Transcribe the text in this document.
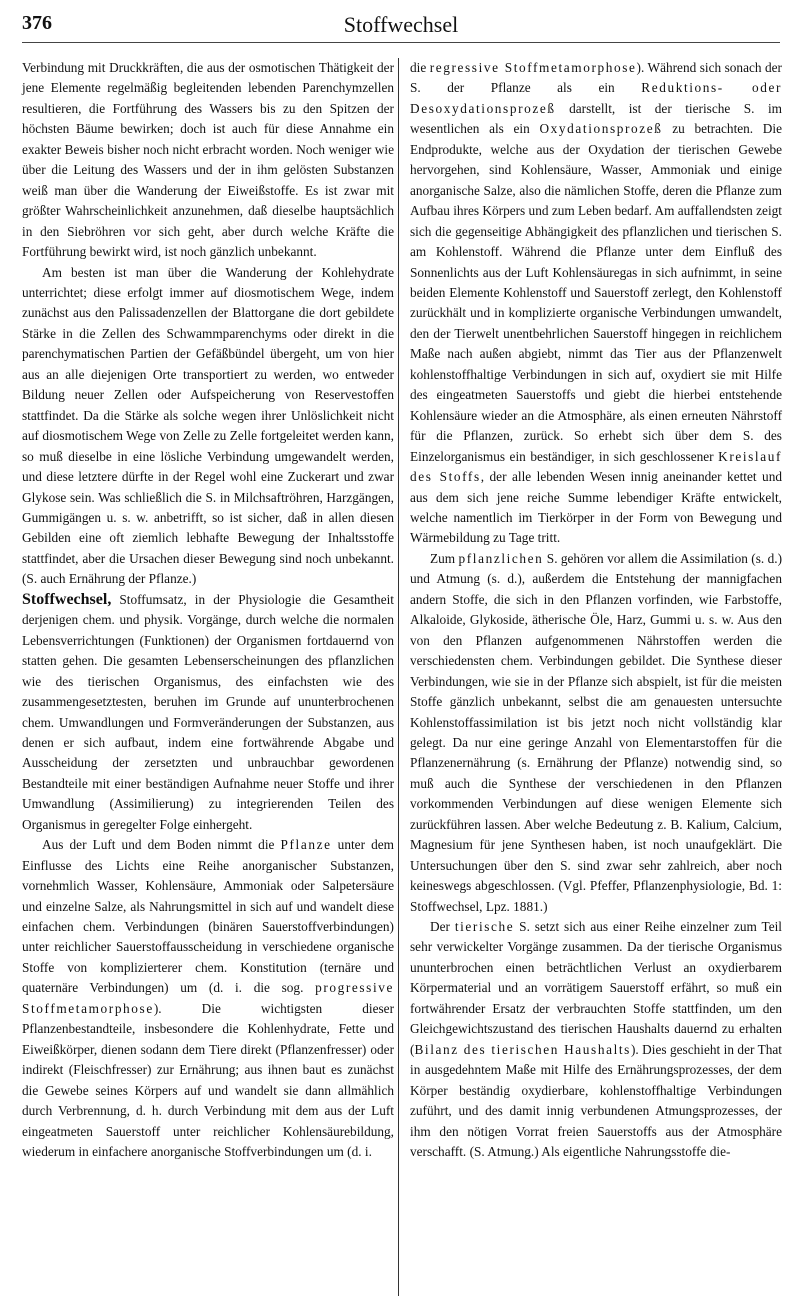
376	Stoffwechsel

Verbindung mit Druckkräften, die aus der osmotischen Thätigkeit der jene Elemente regelmäßig begleitenden lebenden Parenchymzellen resultieren, die Fortführung des Wassers bis zu den Spitzen der höchsten Bäume bewirken; doch ist auch für diese Annahme ein exakter Beweis bisher noch nicht erbracht worden. Noch weniger wie über die Leitung des Wassers und der in ihm gelösten Substanzen weiß man über die Wanderung der Eiweißstoffe. Es ist zwar mit größter Wahrscheinlichkeit anzunehmen, daß dieselbe hauptsächlich in den Siebröhren vor sich geht, aber durch welche Kräfte die Fortführung bewirkt wird, ist noch gänzlich unbekannt.

Am besten ist man über die Wanderung der Kohlehydrate unterrichtet; diese erfolgt immer auf diosmotischem Wege, indem zunächst aus den Palissadenzellen der Blattorgane die dort gebildete Stärke in die Zellen des Schwammparenchyms oder direkt in die parenchymatischen Partien der Gefäßbündel übergeht, um von hier aus an alle diejenigen Orte transportiert zu werden, wo entweder Bildung neuer Zellen oder Aufspeicherung von Reservestoffen stattfindet. Da die Stärke als solche wegen ihrer Unlöslichkeit nicht auf diosmotischem Wege von Zelle zu Zelle fortgeleitet werden kann, so muß dieselbe in eine lösliche Verbindung umgewandelt werden, und diese letztere dürfte in der Regel wohl eine Zuckerart und zwar Glykose sein. Was schließlich die S. in Milchsaftröhren, Harzgängen, Gummigängen u. s. w. anbetrifft, so ist sicher, daß in allen diesen Gebilden eine oft ziemlich lebhafte Bewegung der Inhaltsstoffe stattfindet, aber die Ursachen dieser Bewegung sind noch unbekannt. (S. auch Ernährung der Pflanze.)

Stoffwechsel, Stoffumsatz, in der Physiologie die Gesamtheit derjenigen chem. und physik. Vorgänge, durch welche die normalen Lebensverrichtungen (Funktionen) der Organismen fortdauernd von statten gehen. Die gesamten Lebenserscheinungen des pflanzlichen wie des tierischen Organismus, des einfachsten wie des zusammengesetztesten, beruhen im Grunde auf ununterbrochenen chem. Umwandlungen und Formveränderungen der Substanzen, aus denen er sich aufbaut, indem eine fortwährende Abgabe und Ausscheidung der zersetzten und unbrauchbar gewordenen Bestandteile mit einer beständigen Aufnahme neuer Stoffe und ihrer Umwandlung (Assimilierung) zu integrierenden Teilen des Organismus in geregelter Folge einhergeht.

Aus der Luft und dem Boden nimmt die Pflanze unter dem Einflusse des Lichts eine Reihe anorganischer Substanzen, vornehmlich Wasser, Kohlensäure, Ammoniak oder Salpetersäure und einzelne Salze, als Nahrungsmittel in sich auf und wandelt diese einfachen chem. Verbindungen (binären Sauerstoffverbindungen) unter reichlicher Sauerstoffausscheidung in verschiedene organische Stoffe von komplizierterer chem. Konstitution (ternäre und quaternäre Verbindungen) um (d. i. die sog. progressive Stoffmetamorphose). Die wichtigsten dieser Pflanzenbestandteile, insbesondere die Kohlenhydrate, Fette und Eiweißkörper, dienen sodann dem Tiere direkt (Pflanzenfresser) oder indirekt (Fleischfresser) zur Ernährung; aus ihnen baut es zunächst die Gewebe seines Körpers auf und wandelt sie dann allmählich durch Verbrennung, d. h. durch Verbindung mit dem aus der Luft eingeatmeten Sauerstoff unter reichlicher Kohlensäurebildung, wiederum in einfachere anorganische Stoffverbindungen um (d. i.

die regressive Stoffmetamorphose). Während sich sonach der S. der Pflanze als ein Reduktions- oder Desoxydationsprozeß darstellt, ist der tierische S. im wesentlichen als ein Oxydationsprozeß zu betrachten. Die Endprodukte, welche aus der Oxydation der tierischen Gewebe hervorgehen, sind Kohlensäure, Wasser, Ammoniak und einige anorganische Salze, also die nämlichen Stoffe, deren die Pflanze zum Aufbau ihres Körpers und zum Leben bedarf. Am auffallendsten zeigt sich die gegenseitige Abhängigkeit des pflanzlichen und tierischen S. am Kohlenstoff. Während die Pflanze unter dem Einfluß des Sonnenlichts aus der Luft Kohlensäuregas in sich aufnimmt, in seine beiden Elemente Kohlenstoff und Sauerstoff zerlegt, den Kohlenstoff zurückhält und in komplizierte organische Verbindungen umwandelt, den der Tierwelt unentbehrlichen Sauerstoff hingegen in reichlichem Maße nach außen abgiebt, nimmt das Tier aus der Pflanzenwelt kohlenstoffhaltige Verbindungen in sich auf, oxydiert sie mit Hilfe des eingeatmeten Sauerstoffs und giebt die hierbei entstehende Kohlensäure wieder an die Atmosphäre, als einen erneuten Nährstoff für die Pflanzen, zurück. So erhebt sich über dem S. des Einzelorganismus ein beständiger, in sich geschlossener Kreislauf des Stoffs, der alle lebenden Wesen innig aneinander kettet und aus dem sich jene reiche Summe lebendiger Kräfte entwickelt, welche namentlich im Tierkörper in der Form von Bewegung und Wärmebildung zu Tage tritt.

Zum pflanzlichen S. gehören vor allem die Assimilation (s. d.) und Atmung (s. d.), außerdem die Entstehung der mannigfachen andern Stoffe, die sich in den Pflanzen vorfinden, wie Farbstoffe, Alkaloide, Glykoside, ätherische Öle, Harz, Gummi u. s. w. Aus den von den Pflanzen aufgenommenen Nährstoffen werden die verschiedensten chem. Verbindungen gebildet. Die Synthese dieser Verbindungen, wie sie in der Pflanze sich abspielt, ist für die meisten Stoffe gänzlich unbekannt, selbst die am genauesten untersuchte Kohlenstoffassimilation ist bis jetzt noch nicht vollständig klar gelegt. Da nur eine geringe Anzahl von Elementarstoffen für die Pflanzenernährung (s. Ernährung der Pflanze) notwendig sind, so muß auch die Synthese der verschiedenen in den Pflanzen vorkommenden Verbindungen auf diese wenigen Elemente sich zurückführen lassen. Aber welche Bedeutung z. B. Kalium, Calcium, Magnesium für jene Synthesen haben, ist noch unaufgeklärt. Die Untersuchungen über den S. sind zwar sehr zahlreich, aber noch keineswegs abgeschlossen. (Vgl. Pfeffer, Pflanzenphysiologie, Bd. 1: Stoffwechsel, Lpz. 1881.)

Der tierische S. setzt sich aus einer Reihe einzelner zum Teil sehr verwickelter Vorgänge zusammen. Da der tierische Organismus ununterbrochen einen beträchtlichen Verlust an oxydierbarem Körpermaterial und an vorrätigem Sauerstoff erfährt, so muß ein fortwährender Ersatz der verbrauchten Stoffe stattfinden, um den Gleichgewichtszustand des tierischen Haushalts dauernd zu erhalten (Bilanz des tierischen Haushalts). Dies geschieht in der That in ausgedehntem Maße mit Hilfe des Ernährungsprozesses, der dem Körper beständig oxydierbare, kohlenstoffhaltige Verbindungen zuführt, und des damit innig verbundenen Atmungsprozesses, der ihm den nötigen Vorrat freien Sauerstoffs aus der Atmosphäre verschafft. (S. Atmung.) Als eigentliche Nahrungsstoffe die-
